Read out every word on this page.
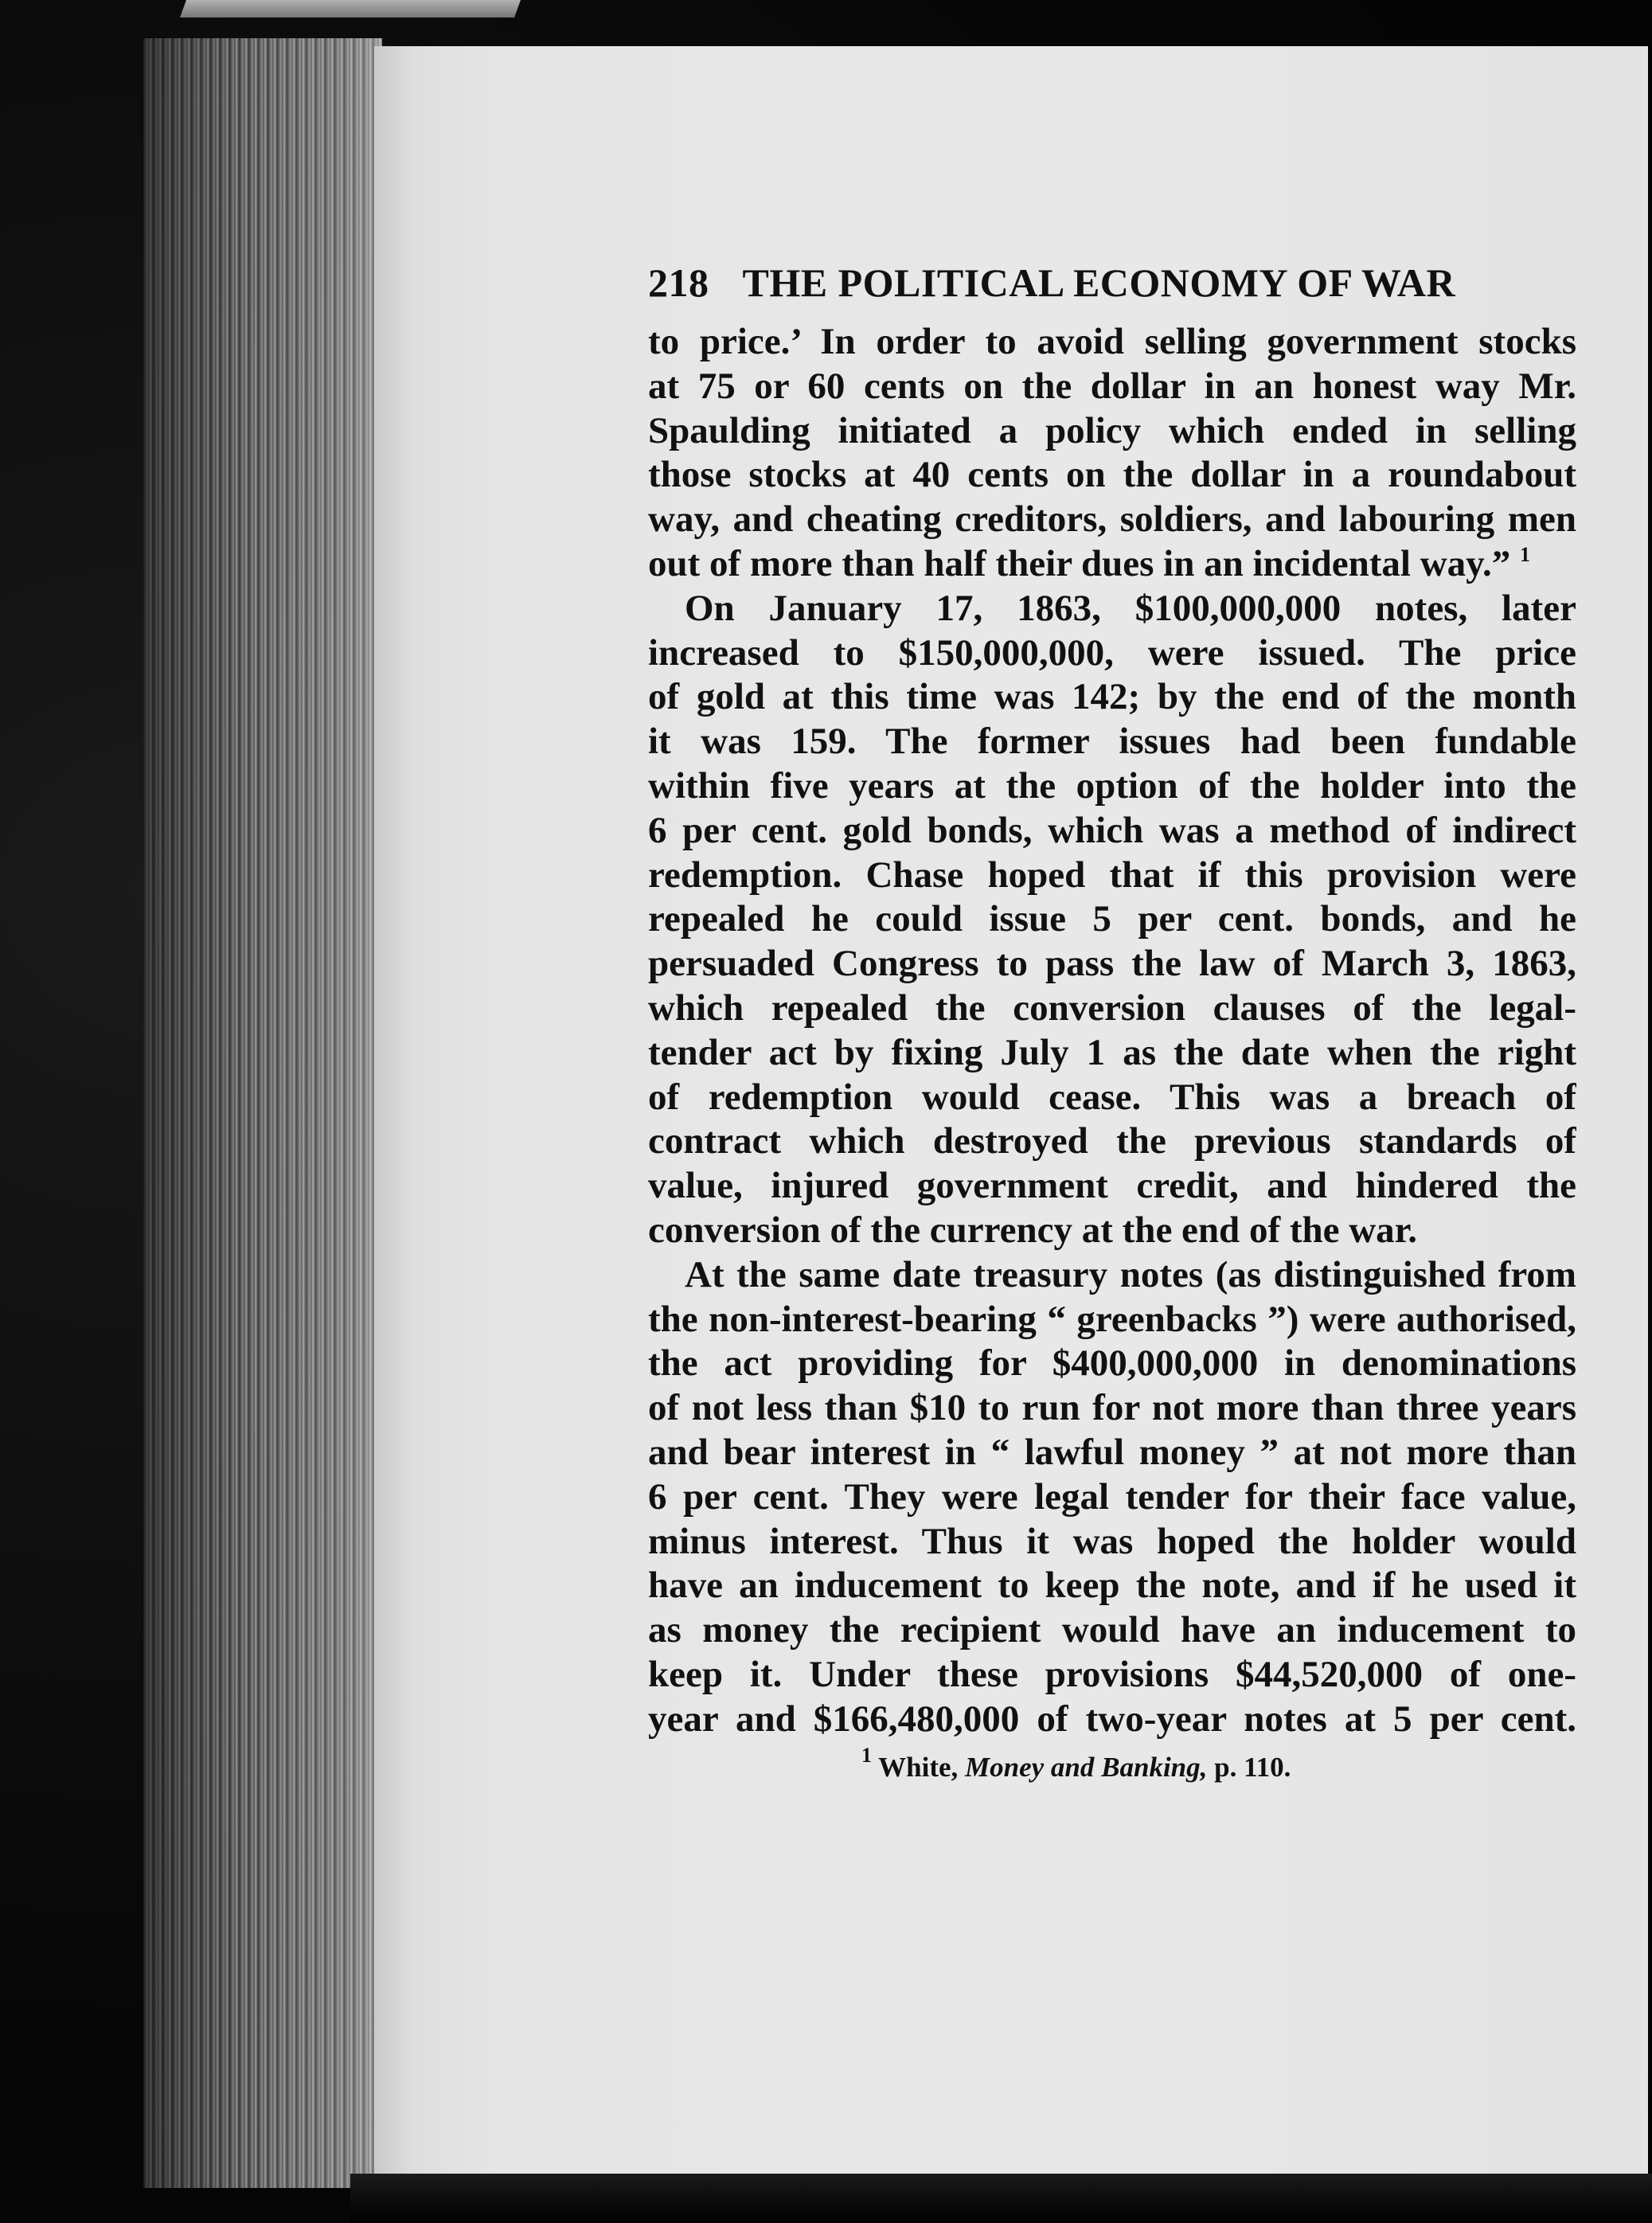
218 THE POLITICAL ECONOMY OF WAR
to price.’ In order to avoid selling government stocks
at 75 or 60 cents on the dollar in an honest way Mr.
Spaulding initiated a policy which ended in selling
those stocks at 40 cents on the dollar in a roundabout
way, and cheating creditors, soldiers, and labouring men
out of more than half their dues in an incidental way.” $^1$
On January 17, 1863, $100,000,000 notes, later
increased to $150,000,000, were issued. The price
of gold at this time was 142; by the end of the month
it was 159. The former issues had been fundable
within five years at the option of the holder into the
6 per cent. gold bonds, which was a method of indirect
redemption. Chase hoped that if this provision were
repealed he could issue 5 per cent. bonds, and he
persuaded Congress to pass the law of March 3, 1863,
which repealed the conversion clauses of the legal-
tender act by fixing July 1 as the date when the right
of redemption would cease. This was a breach of
contract which destroyed the previous standards of
value, injured government credit, and hindered the
conversion of the currency at the end of the war.
At the same date treasury notes (as distinguished from
the non-interest-bearing “ greenbacks ”) were authorised,
the act providing for $400,000,000 in denominations
of not less than $10 to run for not more than three years
and bear interest in “ lawful money ” at not more than
6 per cent. They were legal tender for their face value,
minus interest. Thus it was hoped the holder would
have an inducement to keep the note, and if he used it
as money the recipient would have an inducement to
keep it. Under these provisions $44,520,000 of one-
year and $166,480,000 of two-year notes at 5 per cent.
$^1$ White, Money and Banking, p. 110.
